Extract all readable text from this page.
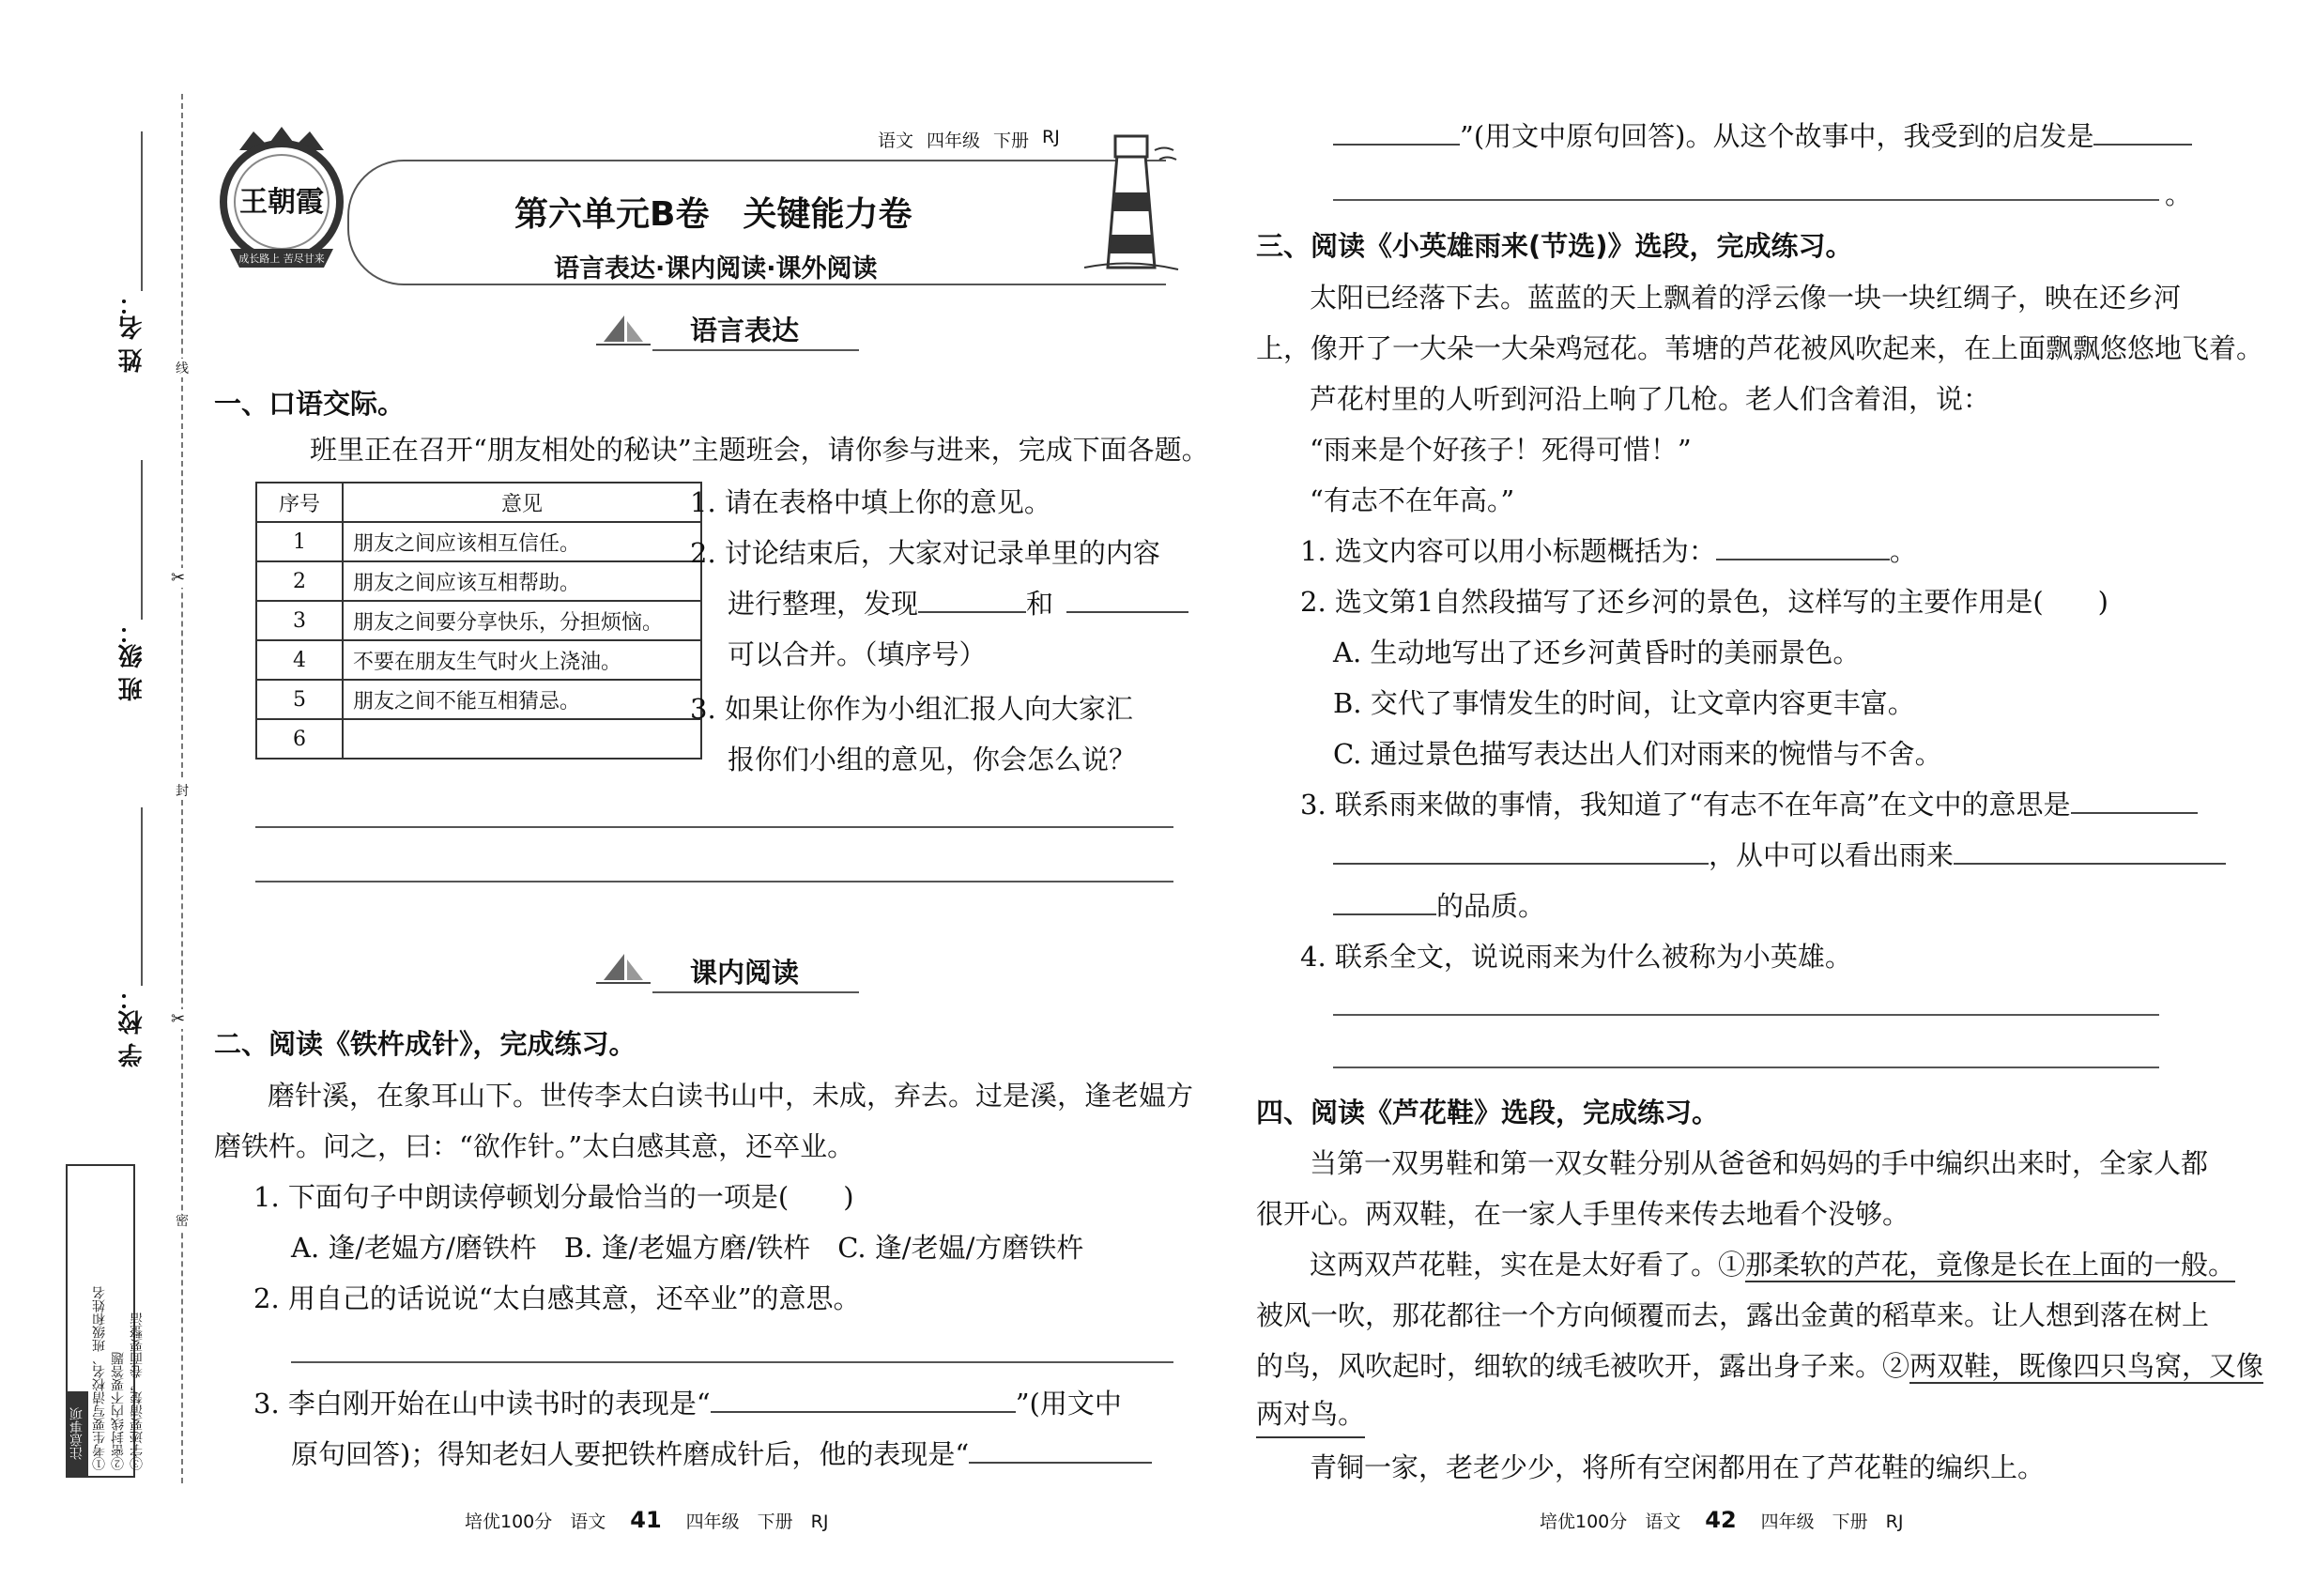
姓 名：
班 级：
学 校：
线
封
密
✂
✂
注意事项 ①考生要写清校名、班级和姓名 ②密封线内不要答题 ③字迹要清楚，卷面要整洁
王朝霞
成长路上 苦尽甘来
语文 四年级 下册 RJ
第六单元B卷　关键能力卷
语言表达·课内阅读·课外阅读
语言表达
一、口语交际。
班里正在召开“朋友相处的秘诀”主题班会，请你参与进来，完成下面各题。
序号	意见
1	朋友之间应该相互信任。
2	朋友之间应该互相帮助。
3	朋友之间要分享快乐，分担烦恼。
4	不要在朋友生气时火上浇油。
5	朋友之间不能互相猜忌。
6	
1. 请在表格中填上你的意见。
2. 讨论结束后，大家对记录单里的内容
进行整理，发现	和
可以合并。（填序号）
3. 如果让你作为小组汇报人向大家汇
报你们小组的意见，你会怎么说？
课内阅读
二、阅读《铁杵成针》，完成练习。
磨针溪，在象耳山下。世传李太白读书山中，未成，弃去。过是溪，逢老媪方
磨铁杵。问之，曰：“欲作针。”太白感其意，还卒业。
1. 下面句子中朗读停顿划分最恰当的一项是(　　)
A. 逢/老媪方/磨铁杵　B. 逢/老媪方磨/铁杵　C. 逢/老媪/方磨铁杵
2. 用自己的话说说“太白感其意，还卒业”的意思。
3. 李白刚开始在山中读书时的表现是“	”(用文中
原句回答)；得知老妇人要把铁杵磨成针后，他的表现是“
培优100分　语文 41 四年级　下册　RJ
”(用文中原句回答)。从这个故事中，我受到的启发是
。
三、阅读《小英雄雨来(节选)》选段，完成练习。
太阳已经落下去。蓝蓝的天上飘着的浮云像一块一块红绸子，映在还乡河
上，像开了一大朵一大朵鸡冠花。苇塘的芦花被风吹起来，在上面飘飘悠悠地飞着。
芦花村里的人听到河沿上响了几枪。老人们含着泪，说：
“雨来是个好孩子！死得可惜！”
“有志不在年高。”
1. 选文内容可以用小标题概括为：	。
2. 选文第1自然段描写了还乡河的景色，这样写的主要作用是(　　)
A. 生动地写出了还乡河黄昏时的美丽景色。
B. 交代了事情发生的时间，让文章内容更丰富。
C. 通过景色描写表达出人们对雨来的惋惜与不舍。
3. 联系雨来做的事情，我知道了“有志不在年高”在文中的意思是
，从中可以看出雨来
的品质。
4. 联系全文，说说雨来为什么被称为小英雄。
四、阅读《芦花鞋》选段，完成练习。
当第一双男鞋和第一双女鞋分别从爸爸和妈妈的手中编织出来时，全家人都
很开心。两双鞋，在一家人手里传来传去地看个没够。
这两双芦花鞋，实在是太好看了。①那柔软的芦花，竟像是长在上面的一般。
被风一吹，那花都往一个方向倾覆而去，露出金黄的稻草来。让人想到落在树上
的鸟，风吹起时，细软的绒毛被吹开，露出身子来。②两双鞋，既像四只鸟窝，又像
两对鸟。
青铜一家，老老少少，将所有空闲都用在了芦花鞋的编织上。
培优100分　语文 42 四年级　下册　RJ
